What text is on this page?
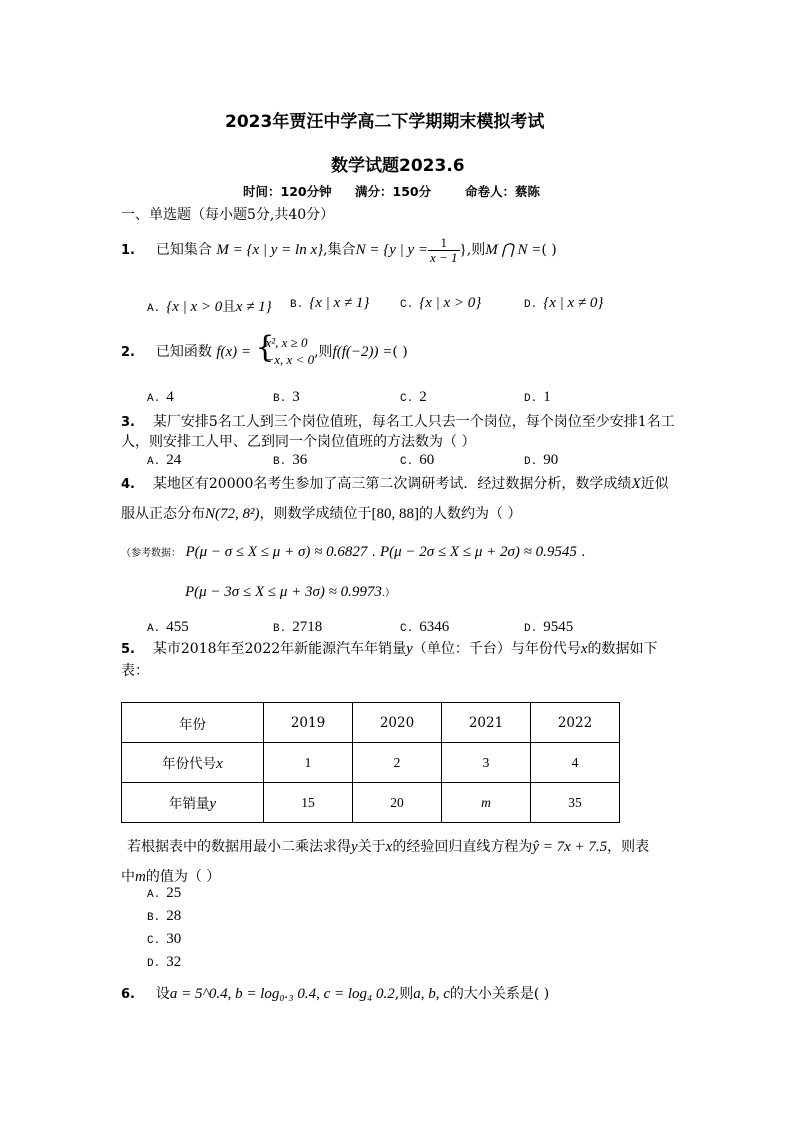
2023年贾汪中学高二下学期期末模拟考试
数学试题2023.6
时间：120分钟 满分：150分	命卷人：蔡陈
一、单选题（每小题5分,共40分）
1. 已知集合 M = {x | y = ln x},集合N = {y | $y = \frac{1}{x - 1}$ },则M ⋂ N =( )
A. {x | x > 0且x ≠ 1} B. {x | x ≠ 1}	C. {x | x > 0}	D. {x | x ≠ 0}
2. 已知函数 f(x) = {
x², x ≥ 0
−x, x < 0 ,则f(f(−2)) =( )
A. 4	B. 3	C. 2	D. 1
3. 某厂安排5名工人到三个岗位值班，每名工人只去一个岗位，每个岗位至少安排1名工
人，则安排工人甲、乙到同一个岗位值班的方法数为（ ）
A. 24	B. 36	C. 60	D. 90
4. 某地区有20000名考生参加了高三第二次调研考试．经过数据分析，数学成绩X近似
服从正态分布N(72, 8²)，则数学成绩位于[80, 88]的人数约为（ ）
（参考数据： P(μ − σ ≤ X ≤ μ + σ) ≈ 0.6827 . P(μ − 2σ ≤ X ≤ μ + 2σ) ≈ 0.9545 .
P(μ − 3σ ≤ X ≤ μ + 3σ) ≈ 0.9973.）
A. 455	B. 2718	C. 6346	D. 9545
5. 某市2018年至2022年新能源汽车年销量y（单位：千台）与年份代号x的数据如下
表：
年份	2019	2020	2021	2022
年份代号x	1	2	3	4
年销量y	15	20	m	35
若根据表中的数据用最小二乘法求得y关于x的经验回归直线方程为ŷ = 7x + 7.5，则表
中m的值为（ ）
A. 25
B. 28
C. 30
D. 32
6. 设a = 5^0.4, b = log₀.₃ 0.4, c = log₄ 0.2,则a, b, c的大小关系是( )
